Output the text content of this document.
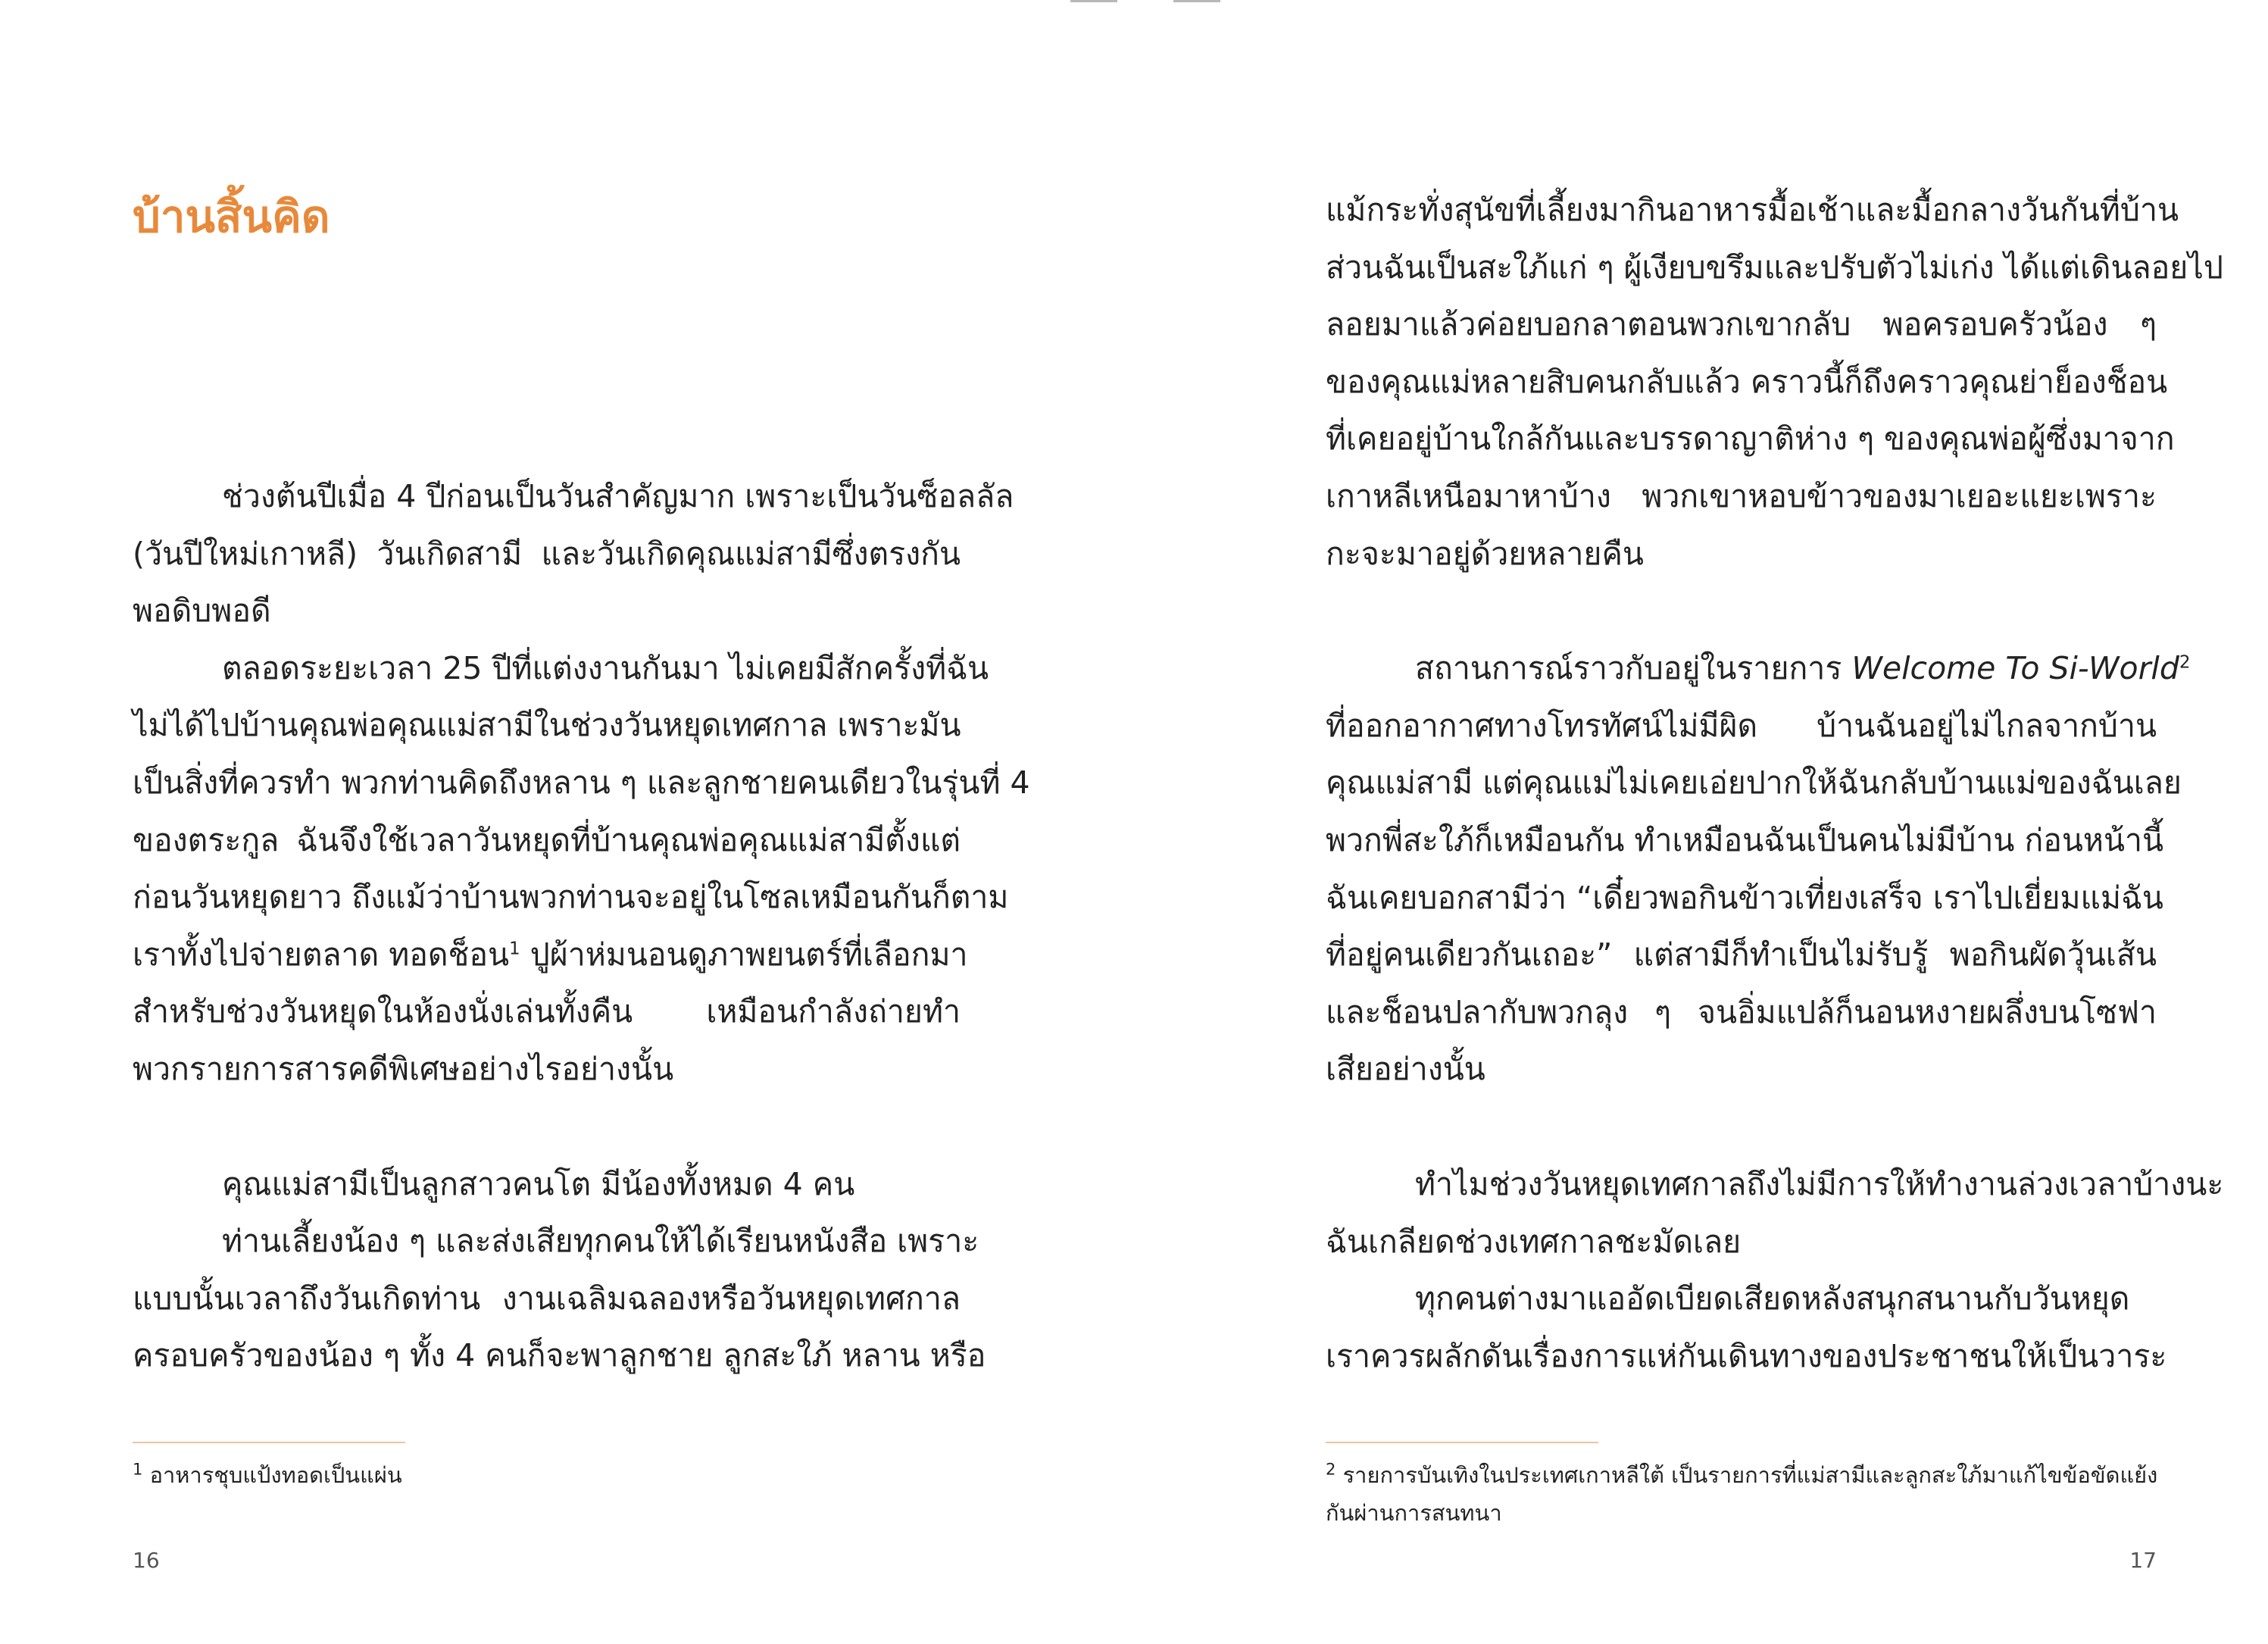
บ้านสิ้นคิด
ช่วงต้นปีเมื่อ 4 ปีก่อนเป็นวันสำคัญมาก เพราะเป็นวันซ็อลลัล
(วันปีใหม่เกาหลี) วันเกิดสามี และวันเกิดคุณแม่สามีซึ่งตรงกัน
พอดิบพอดี
ตลอดระยะเวลา 25 ปีที่แต่งงานกันมา ไม่เคยมีสักครั้งที่ฉัน
ไม่ได้ไปบ้านคุณพ่อคุณแม่สามีในช่วงวันหยุดเทศกาล เพราะมัน
เป็นสิ่งที่ควรทำ พวกท่านคิดถึงหลาน ๆ และลูกชายคนเดียวในรุ่นที่ 4
ของตระกูล ฉันจึงใช้เวลาวันหยุดที่บ้านคุณพ่อคุณแม่สามีตั้งแต่
ก่อนวันหยุดยาว ถึงแม้ว่าบ้านพวกท่านจะอยู่ในโซลเหมือนกันก็ตาม
เราทั้งไปจ่ายตลาด ทอดช็อน$^1$ ปูผ้าห่มนอนดูภาพยนตร์ที่เลือกมา
สำหรับช่วงวันหยุดในห้องนั่งเล่นทั้งคืน เหมือนกำลังถ่ายทำ
พวกรายการสารคดีพิเศษอย่างไรอย่างนั้น
คุณแม่สามีเป็นลูกสาวคนโต มีน้องทั้งหมด 4 คน
ท่านเลี้ยงน้อง ๆ และส่งเสียทุกคนให้ได้เรียนหนังสือ เพราะ
แบบนั้นเวลาถึงวันเกิดท่าน งานเฉลิมฉลองหรือวันหยุดเทศกาล
ครอบครัวของน้อง ๆ ทั้ง 4 คนก็จะพาลูกชาย ลูกสะใภ้ หลาน หรือ
$^1$ อาหารชุบแป้งทอดเป็นแผ่น
16
แม้กระทั่งสุนัขที่เลี้ยงมากินอาหารมื้อเช้าและมื้อกลางวันกันที่บ้าน
ส่วนฉันเป็นสะใภ้แก่ ๆ ผู้เงียบขรึมและปรับตัวไม่เก่ง ได้แต่เดินลอยไป
ลอยมาแล้วค่อยบอกลาตอนพวกเขากลับ พอครอบครัวน้อง ๆ
ของคุณแม่หลายสิบคนกลับแล้ว คราวนี้ก็ถึงคราวคุณย่าย็องช็อน
ที่เคยอยู่บ้านใกล้กันและบรรดาญาติห่าง ๆ ของคุณพ่อผู้ซึ่งมาจาก
เกาหลีเหนือมาหาบ้าง พวกเขาหอบข้าวของมาเยอะแยะเพราะ
กะจะมาอยู่ด้วยหลายคืน
สถานการณ์ราวกับอยู่ในรายการ Welcome To Si-World$^2$
ที่ออกอากาศทางโทรทัศน์ไม่มีผิด บ้านฉันอยู่ไม่ไกลจากบ้าน
คุณแม่สามี แต่คุณแม่ไม่เคยเอ่ยปากให้ฉันกลับบ้านแม่ของฉันเลย
พวกพี่สะใภ้ก็เหมือนกัน ทำเหมือนฉันเป็นคนไม่มีบ้าน ก่อนหน้านี้
ฉันเคยบอกสามีว่า “เดี๋ยวพอกินข้าวเที่ยงเสร็จ เราไปเยี่ยมแม่ฉัน
ที่อยู่คนเดียวกันเถอะ” แต่สามีก็ทำเป็นไม่รับรู้ พอกินผัดวุ้นเส้น
และช็อนปลากับพวกลุง ๆ จนอิ่มแปล้ก็นอนหงายผลึ่งบนโซฟา
เสียอย่างนั้น
ทำไมช่วงวันหยุดเทศกาลถึงไม่มีการให้ทำงานล่วงเวลาบ้างนะ
ฉันเกลียดช่วงเทศกาลชะมัดเลย
ทุกคนต่างมาแออัดเบียดเสียดหลังสนุกสนานกับวันหยุด
เราควรผลักดันเรื่องการแห่กันเดินทางของประชาชนให้เป็นวาระ
$^2$ รายการบันเทิงในประเทศเกาหลีใต้ เป็นรายการที่แม่สามีและลูกสะใภ้มาแก้ไขข้อขัดแย้ง
กันผ่านการสนทนา
17
